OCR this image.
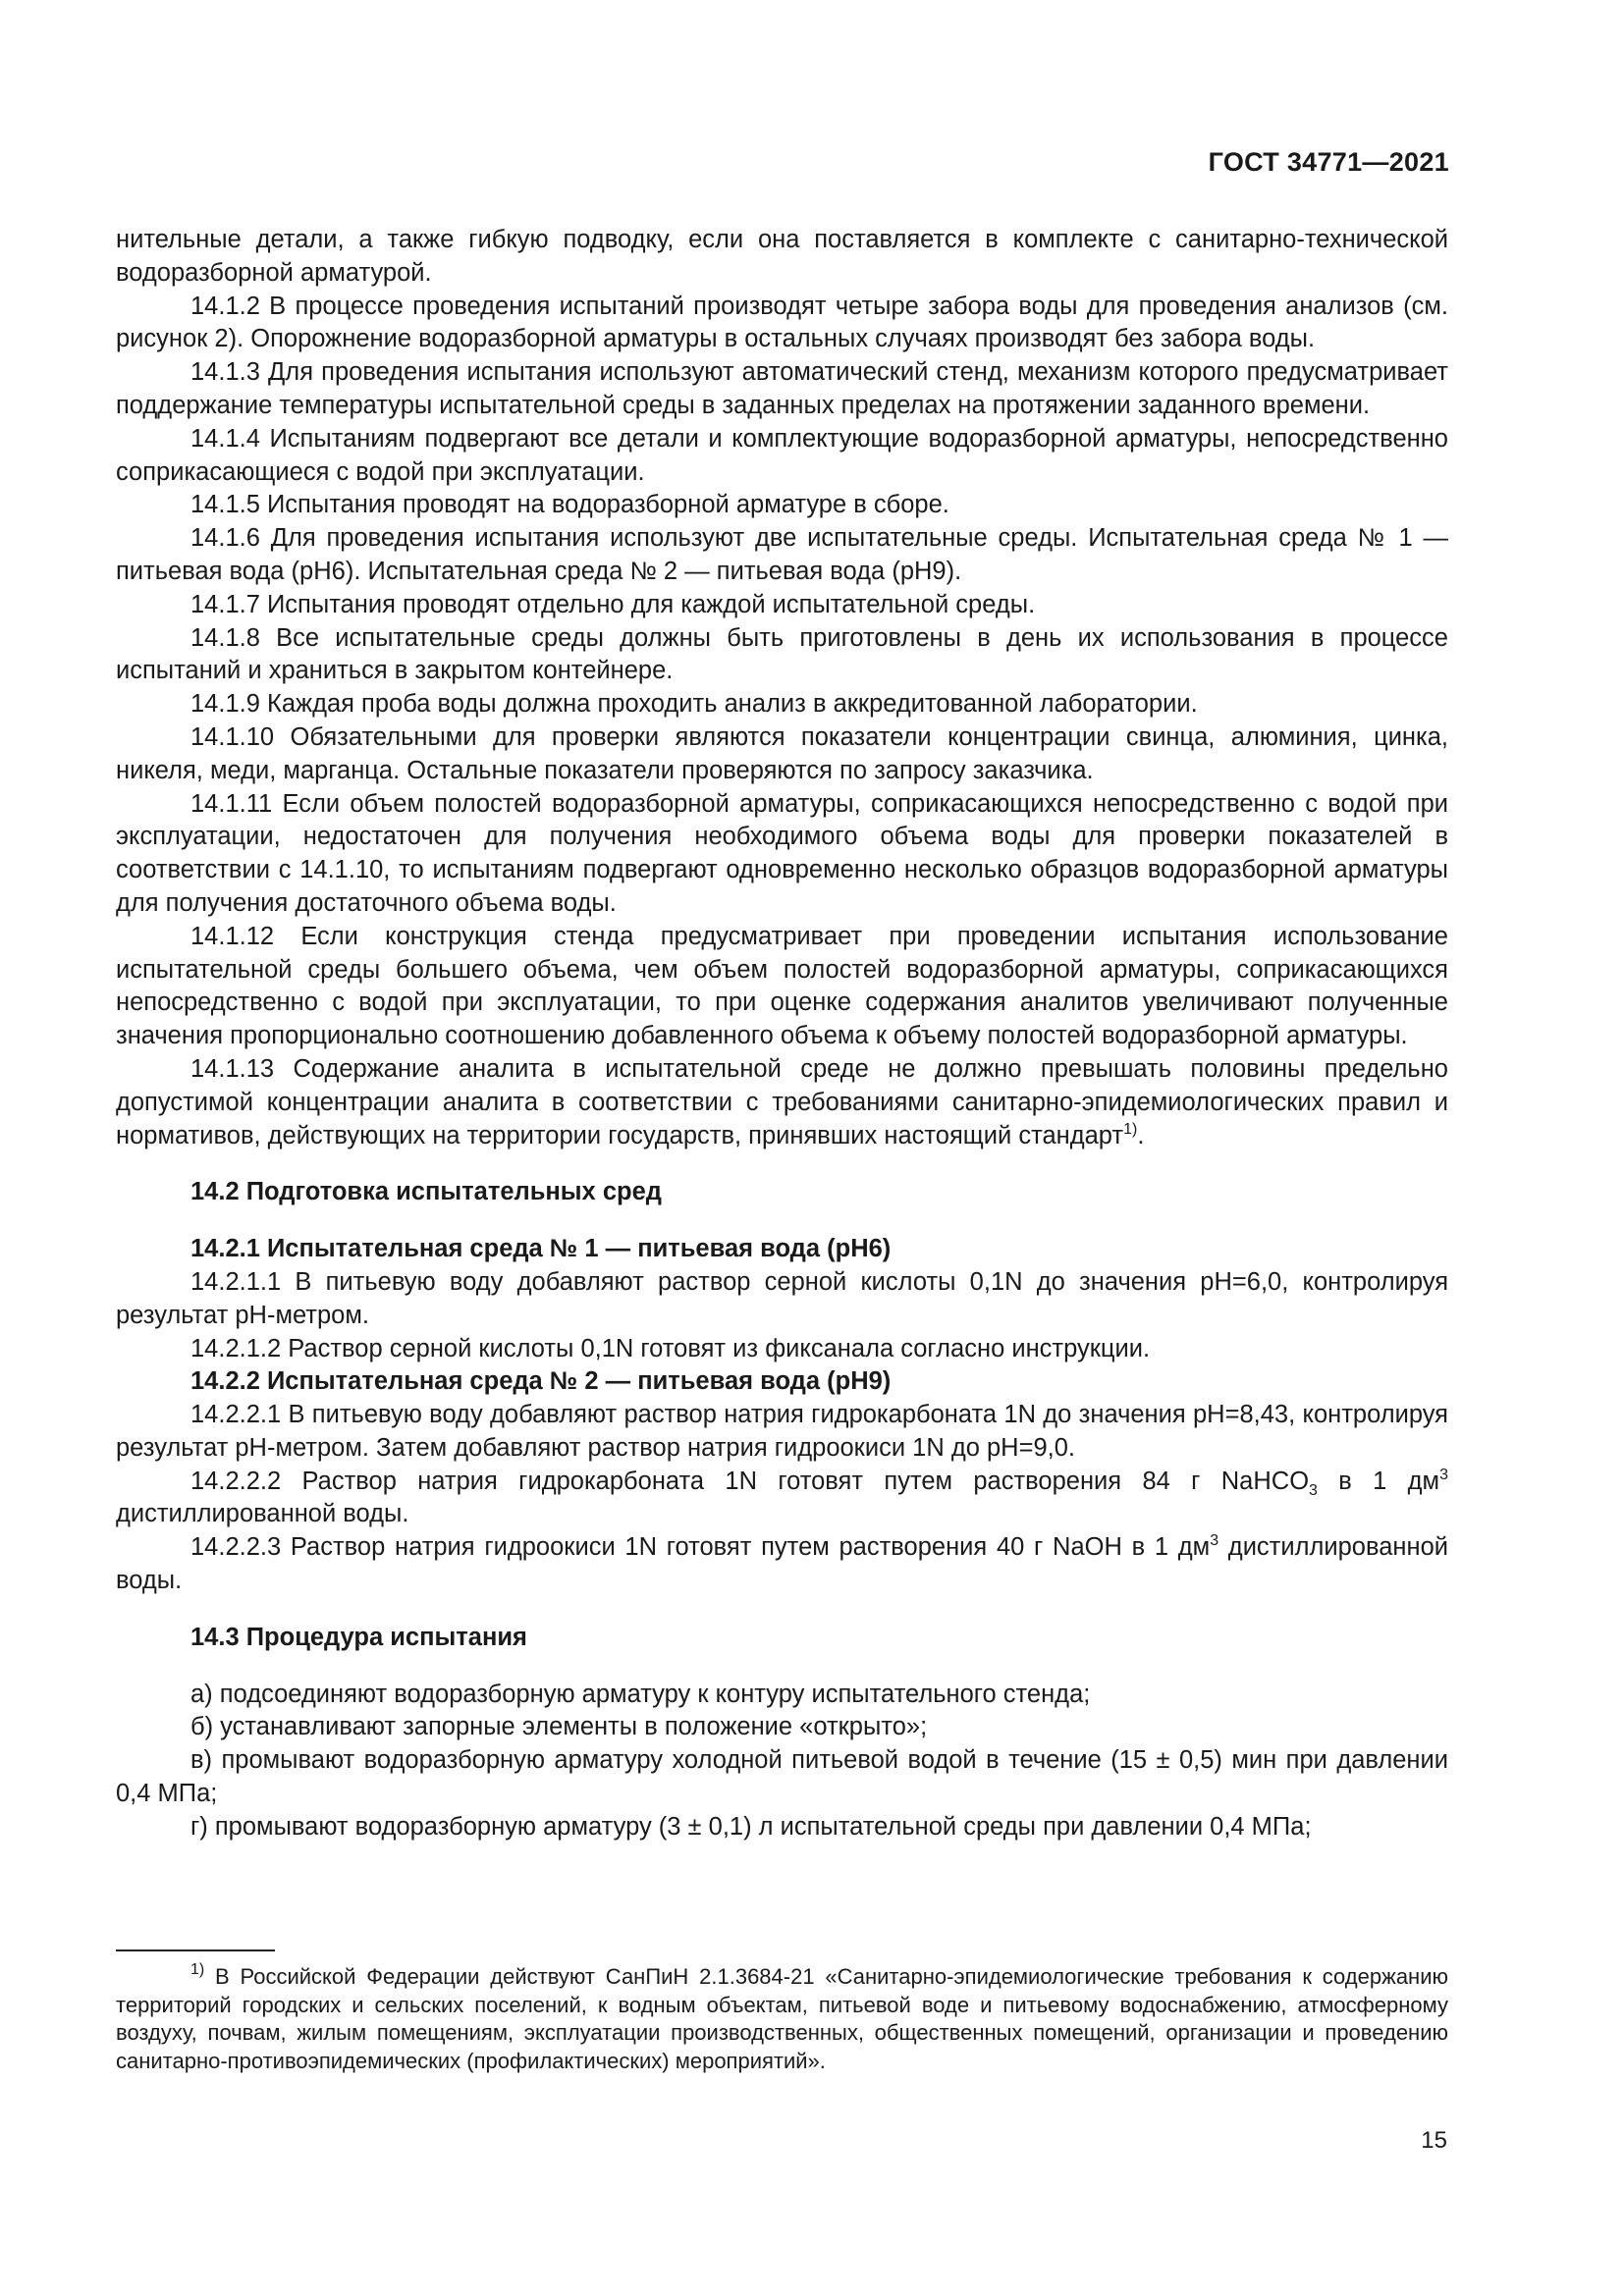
ГОСТ 34771—2021

нительные детали, а также гибкую подводку, если она поставляется в комплекте с санитарно-технической водоразборной арматурой.

14.1.2 В процессе проведения испытаний производят четыре забора воды для проведения анализов (см. рисунок 2). Опорожнение водоразборной арматуры в остальных случаях производят без забора воды.

14.1.3 Для проведения испытания используют автоматический стенд, механизм которого предусматривает поддержание температуры испытательной среды в заданных пределах на протяжении заданного времени.

14.1.4 Испытаниям подвергают все детали и комплектующие водоразборной арматуры, непосредственно соприкасающиеся с водой при эксплуатации.

14.1.5 Испытания проводят на водоразборной арматуре в сборе.

14.1.6 Для проведения испытания используют две испытательные среды. Испытательная среда № 1 — питьевая вода (pH6). Испытательная среда № 2 — питьевая вода (pH9).

14.1.7 Испытания проводят отдельно для каждой испытательной среды.

14.1.8 Все испытательные среды должны быть приготовлены в день их использования в процессе испытаний и храниться в закрытом контейнере.

14.1.9 Каждая проба воды должна проходить анализ в аккредитованной лаборатории.

14.1.10 Обязательными для проверки являются показатели концентрации свинца, алюминия, цинка, никеля, меди, марганца. Остальные показатели проверяются по запросу заказчика.

14.1.11 Если объем полостей водоразборной арматуры, соприкасающихся непосредственно с водой при эксплуатации, недостаточен для получения необходимого объема воды для проверки показателей в соответствии с 14.1.10, то испытаниям подвергают одновременно несколько образцов водоразборной арматуры для получения достаточного объема воды.

14.1.12 Если конструкция стенда предусматривает при проведении испытания использование испытательной среды большего объема, чем объем полостей водоразборной арматуры, соприкасающихся непосредственно с водой при эксплуатации, то при оценке содержания аналитов увеличивают полученные значения пропорционально соотношению добавленного объема к объему полостей водоразборной арматуры.

14.1.13 Содержание аналита в испытательной среде не должно превышать половины предельно допустимой концентрации аналита в соответствии с требованиями санитарно-эпидемиологических правил и нормативов, действующих на территории государств, принявших настоящий стандарт$^{1)}$.

14.2 Подготовка испытательных сред

14.2.1 Испытательная среда № 1 — питьевая вода (pH6)

14.2.1.1 В питьевую воду добавляют раствор серной кислоты 0,1N до значения pH=6,0, контролируя результат pH-метром.

14.2.1.2 Раствор серной кислоты 0,1N готовят из фиксанала согласно инструкции.

14.2.2 Испытательная среда № 2 — питьевая вода (pH9)

14.2.2.1 В питьевую воду добавляют раствор натрия гидрокарбоната 1N до значения pH=8,43, контролируя результат pH-метром. Затем добавляют раствор натрия гидроокиси 1N до pH=9,0.

14.2.2.2 Раствор натрия гидрокарбоната 1N готовят путем растворения 84 г NaHCO$_3$ в 1 $дм^3$ дистиллированной воды.

14.2.2.3 Раствор натрия гидроокиси 1N готовят путем растворения 40 г NaOH в 1 $дм^3$ дистиллированной воды.

14.3 Процедура испытания

а) подсоединяют водоразборную арматуру к контуру испытательного стенда;

б) устанавливают запорные элементы в положение «открыто»;

в) промывают водоразборную арматуру холодной питьевой водой в течение (15 ± 0,5) мин при давлении 0,4 МПа;

г) промывают водоразборную арматуру (3 ± 0,1) л испытательной среды при давлении 0,4 МПа;

$^{1)}$ В Российской Федерации действуют СанПиН 2.1.3684-21 «Санитарно-эпидемиологические требования к содержанию территорий городских и сельских поселений, к водным объектам, питьевой воде и питьевому водоснабжению, атмосферному воздуху, почвам, жилым помещениям, эксплуатации производственных, общественных помещений, организации и проведению санитарно-противоэпидемических (профилактических) мероприятий».

15
